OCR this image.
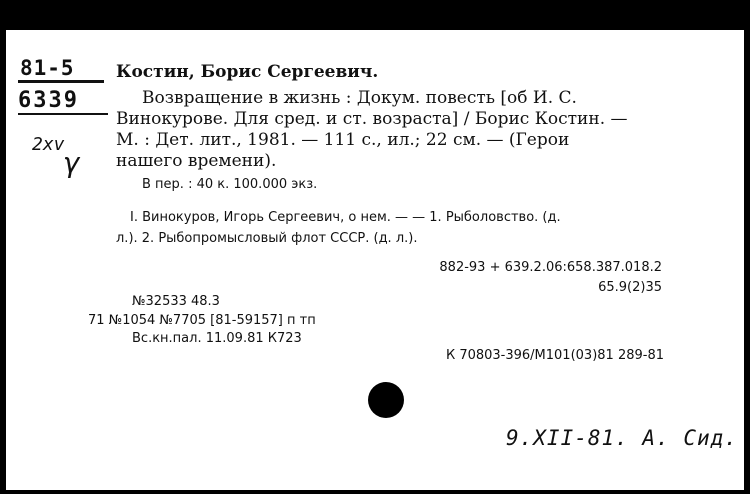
81-5
6339
2xv
γ
Костин, Борис Сергеевич.
Возвращение в жизнь : Докум. повесть [об И. С.
Винокурове. Для сред. и ст. возраста] / Борис Костин. —
М. : Дет. лит., 1981. — 111 с., ил.; 22 см. — (Герои
нашего времени).
В пер. : 40 к. 100.000 экз.
I. Винокуров, Игорь Сергеевич, о нем. — — 1. Рыболовство. (д.
л.). 2. Рыбопромысловый флот СССР. (д. л.).
882-93 + 639.2.06:658.387.018.2
65.9(2)35
№32533 48.3
71 №1054 №7705 [81-59157] п тп
Вс.кн.пал. 11.09.81 К723
К 70803-396/М101(03)81 289-81
9.XII-81. А. Сид.
